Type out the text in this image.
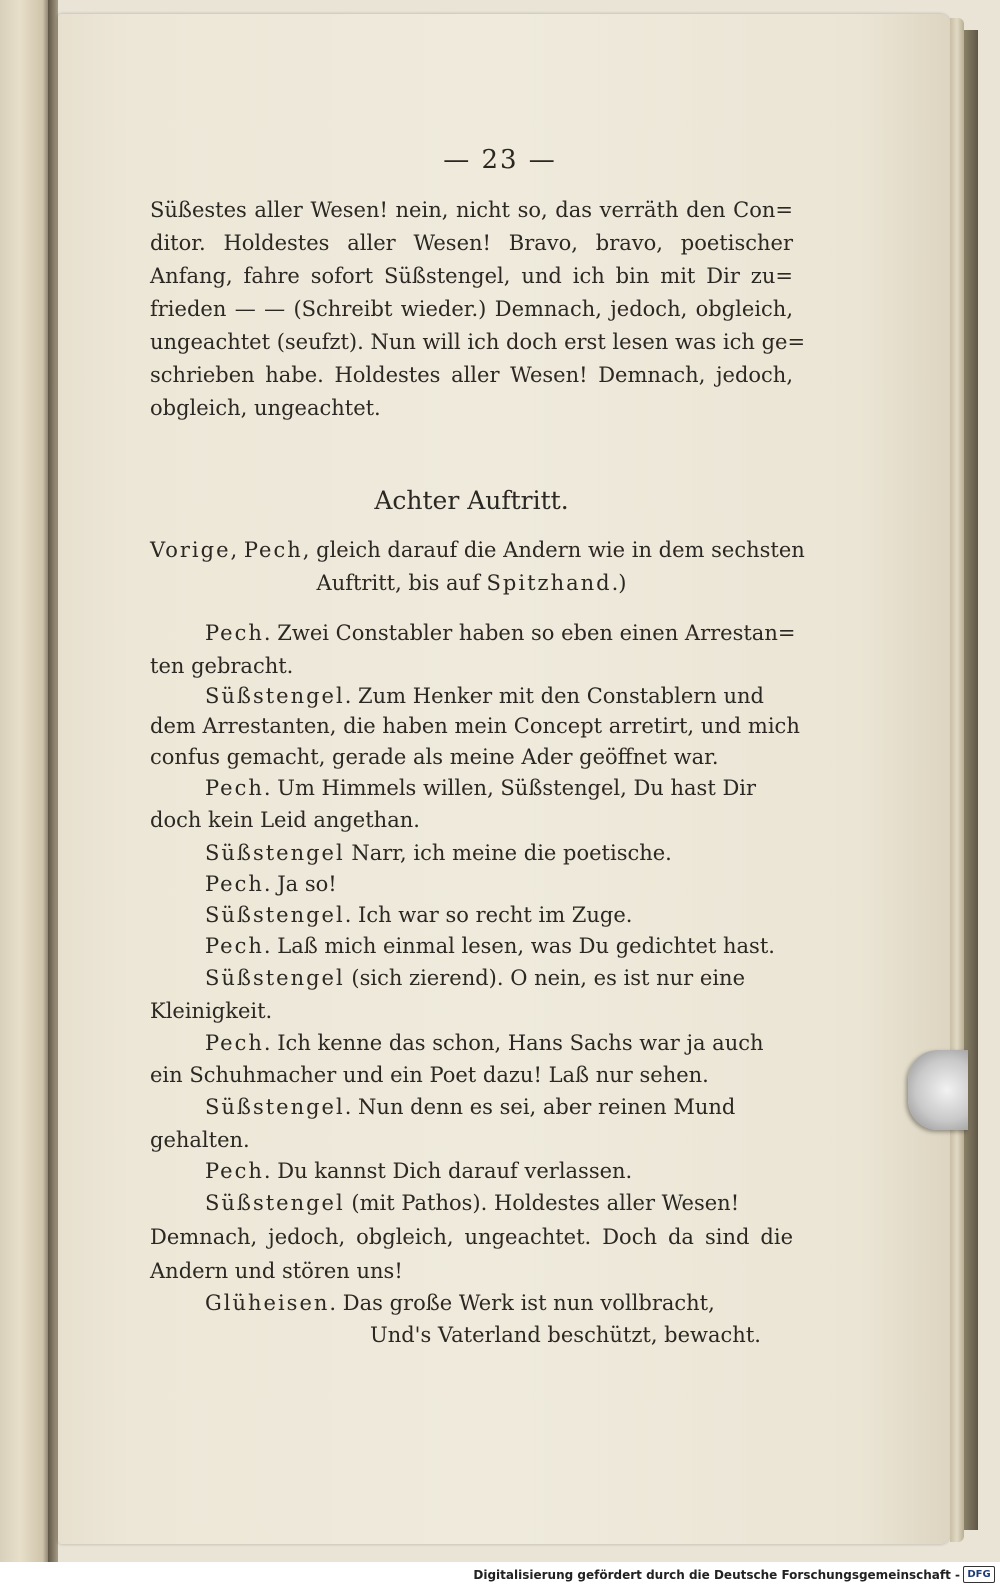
— 23 —
Süßestes aller Wesen! nein, nicht so, das verräth den Con=
ditor. Holdestes aller Wesen! Bravo, bravo, poetischer
Anfang, fahre sofort Süßstengel, und ich bin mit Dir zu=
frieden — — (Schreibt wieder.) Demnach, jedoch, obgleich,
ungeachtet (seufzt). Nun will ich doch erst lesen was ich ge=
schrieben habe. Holdestes aller Wesen! Demnach, jedoch,
obgleich, ungeachtet.
Achter Auftritt.
Vorige, Pech, gleich darauf die Andern wie in dem sechsten
Auftritt, bis auf Spitzhand.)
Pech. Zwei Constabler haben so eben einen Arrestan=
ten gebracht.
Süßstengel. Zum Henker mit den Constablern und
dem Arrestanten, die haben mein Concept arretirt, und mich
confus gemacht, gerade als meine Ader geöffnet war.
Pech. Um Himmels willen, Süßstengel, Du hast Dir
doch kein Leid angethan.
Süßstengel Narr, ich meine die poetische.
Pech. Ja so!
Süßstengel. Ich war so recht im Zuge.
Pech. Laß mich einmal lesen, was Du gedichtet hast.
Süßstengel (sich zierend). O nein, es ist nur eine
Kleinigkeit.
Pech. Ich kenne das schon, Hans Sachs war ja auch
ein Schuhmacher und ein Poet dazu! Laß nur sehen.
Süßstengel. Nun denn es sei, aber reinen Mund
gehalten.
Pech. Du kannst Dich darauf verlassen.
Süßstengel (mit Pathos). Holdestes aller Wesen!
Demnach, jedoch, obgleich, ungeachtet. Doch da sind die
Andern und stören uns!
Glüheisen. Das große Werk ist nun vollbracht,
Und's Vaterland beschützt, bewacht.
Digitalisierung gefördert durch die Deutsche Forschungsgemeinschaft - DFG
